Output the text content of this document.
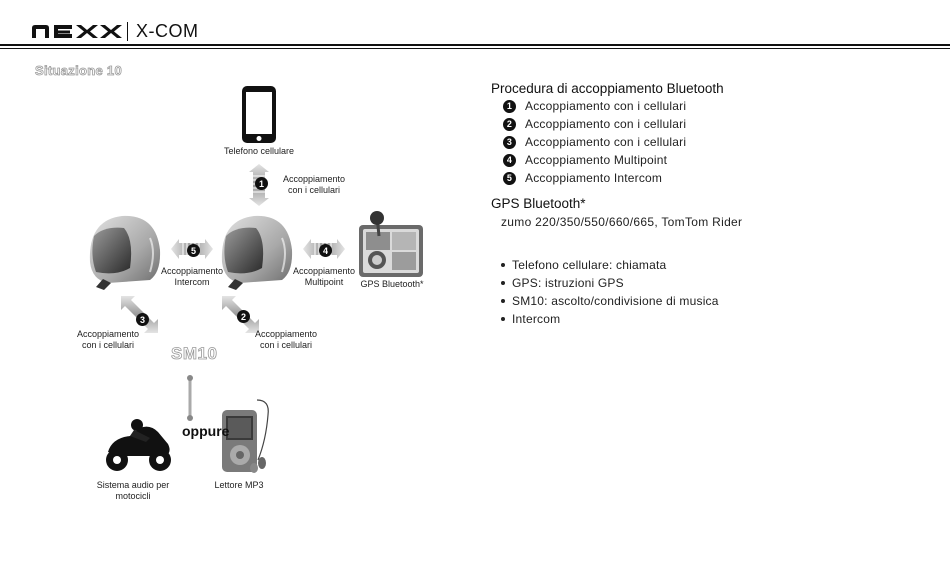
X-COM
Situazione 10
1
5	4
3	2
Telefono cellulare
Accoppiamento
con i cellulari
Accoppiamento
Intercom
Accoppiamento
Multipoint	GPS Bluetooth*
Accoppiamento
con i cellulari
Accoppiamento
con i cellulari
SM10
oppure
Sistema audio per
motocicli
Lettore MP3
Procedura di accoppiamento Bluetooth
1	Accoppiamento con i cellulari
2	Accoppiamento con i cellulari
3	Accoppiamento con i cellulari
4	Accoppiamento Multipoint
5	Accoppiamento Intercom
GPS Bluetooth*
zumo 220/350/550/660/665, TomTom Rider
Telefono cellulare: chiamata
GPS: istruzioni GPS
SM10: ascolto/condivisione di musica
Intercom
